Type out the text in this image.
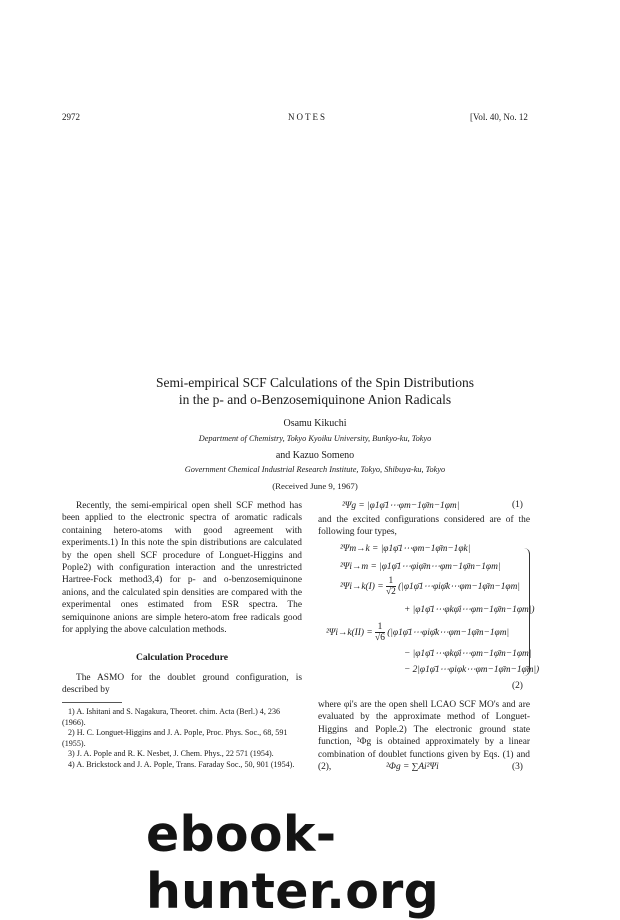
2972	NOTES	[Vol. 40, No. 12
Semi-empirical SCF Calculations of the Spin Distributions
in the p- and o-Benzosemiquinone Anion Radicals
Osamu Kikuchi
Department of Chemistry, Tokyo Kyoiku University, Bunkyo-ku, Tokyo
and Kazuo Someno
Government Chemical Industrial Research Institute, Tokyo, Shibuya-ku, Tokyo
(Received June 9, 1967)

Recently, the semi-empirical open shell SCF method has been applied to the electronic spectra of aromatic radicals containing hetero-atoms with good agreement with experiments.1) In this note the spin distributions are calculated by the open shell SCF procedure of Longuet-Higgins and Pople2) with configuration interaction and the unrestricted Hartree-Fock method3,4) for p- and o-benzosemiquinone anions, and the calculated spin densities are compared with the experimental ones estimated from ESR spectra. The semiquinone anions are simple hetero-atom free radicals good for applying the above calculation methods.

Calculation Procedure

The ASMO for the doublet ground configuration, is described by

1) A. Ishitani and S. Nagakura, Theoret. chim. Acta (Berl.) 4, 236 (1966).
2) H. C. Longuet-Higgins and J. A. Pople, Proc. Phys. Soc., 68, 591 (1955).
3) J. A. Pople and R. K. Nesbet, J. Chem. Phys., 22 571 (1954).
4) A. Brickstock and J. A. Pople, Trans. Faraday Soc., 50, 901 (1954).
²Ψg = |φ1φ̄1⋯φm−1φ̄m−1φm|	(1)
and the excited configurations considered are of the following four types,
²Ψm→k = |φ1φ̄1⋯φm−1φ̄m−1φk|
²Ψi→m = |φ1φ̄1⋯φiφ̄m⋯φm−1φ̄m−1φm|
$^2\Psi i\to k(I) = \frac{1}{√2}$ (|φ1φ̄1⋯φiφ̄k⋯φm−1φ̄m−1φm|
+ |φ1φ̄1⋯φkφ̄i⋯φm−1φ̄m−1φm|)
$^2\Psi i\to k(II) = \frac{1}{√6}$ (|φ1φ̄1⋯φiφ̄k⋯φm−1φ̄m−1φm|
− |φ1φ̄1⋯φkφ̄i⋯φm−1φ̄m−1φm|
− 2|φ1φ̄1⋯φiφk⋯φm−1φ̄m−1φ̄m|)
(2)
where φi's are the open shell LCAO SCF MO's and are evaluated by the approximate method of Longuet-Higgins and Pople.2) The electronic ground state function, ²Φg is obtained approximately by a linear combination of doublet functions given by Eqs. (1) and (2),	²Φg = ∑Ai²Ψi	(3)
ebook-hunter.org
